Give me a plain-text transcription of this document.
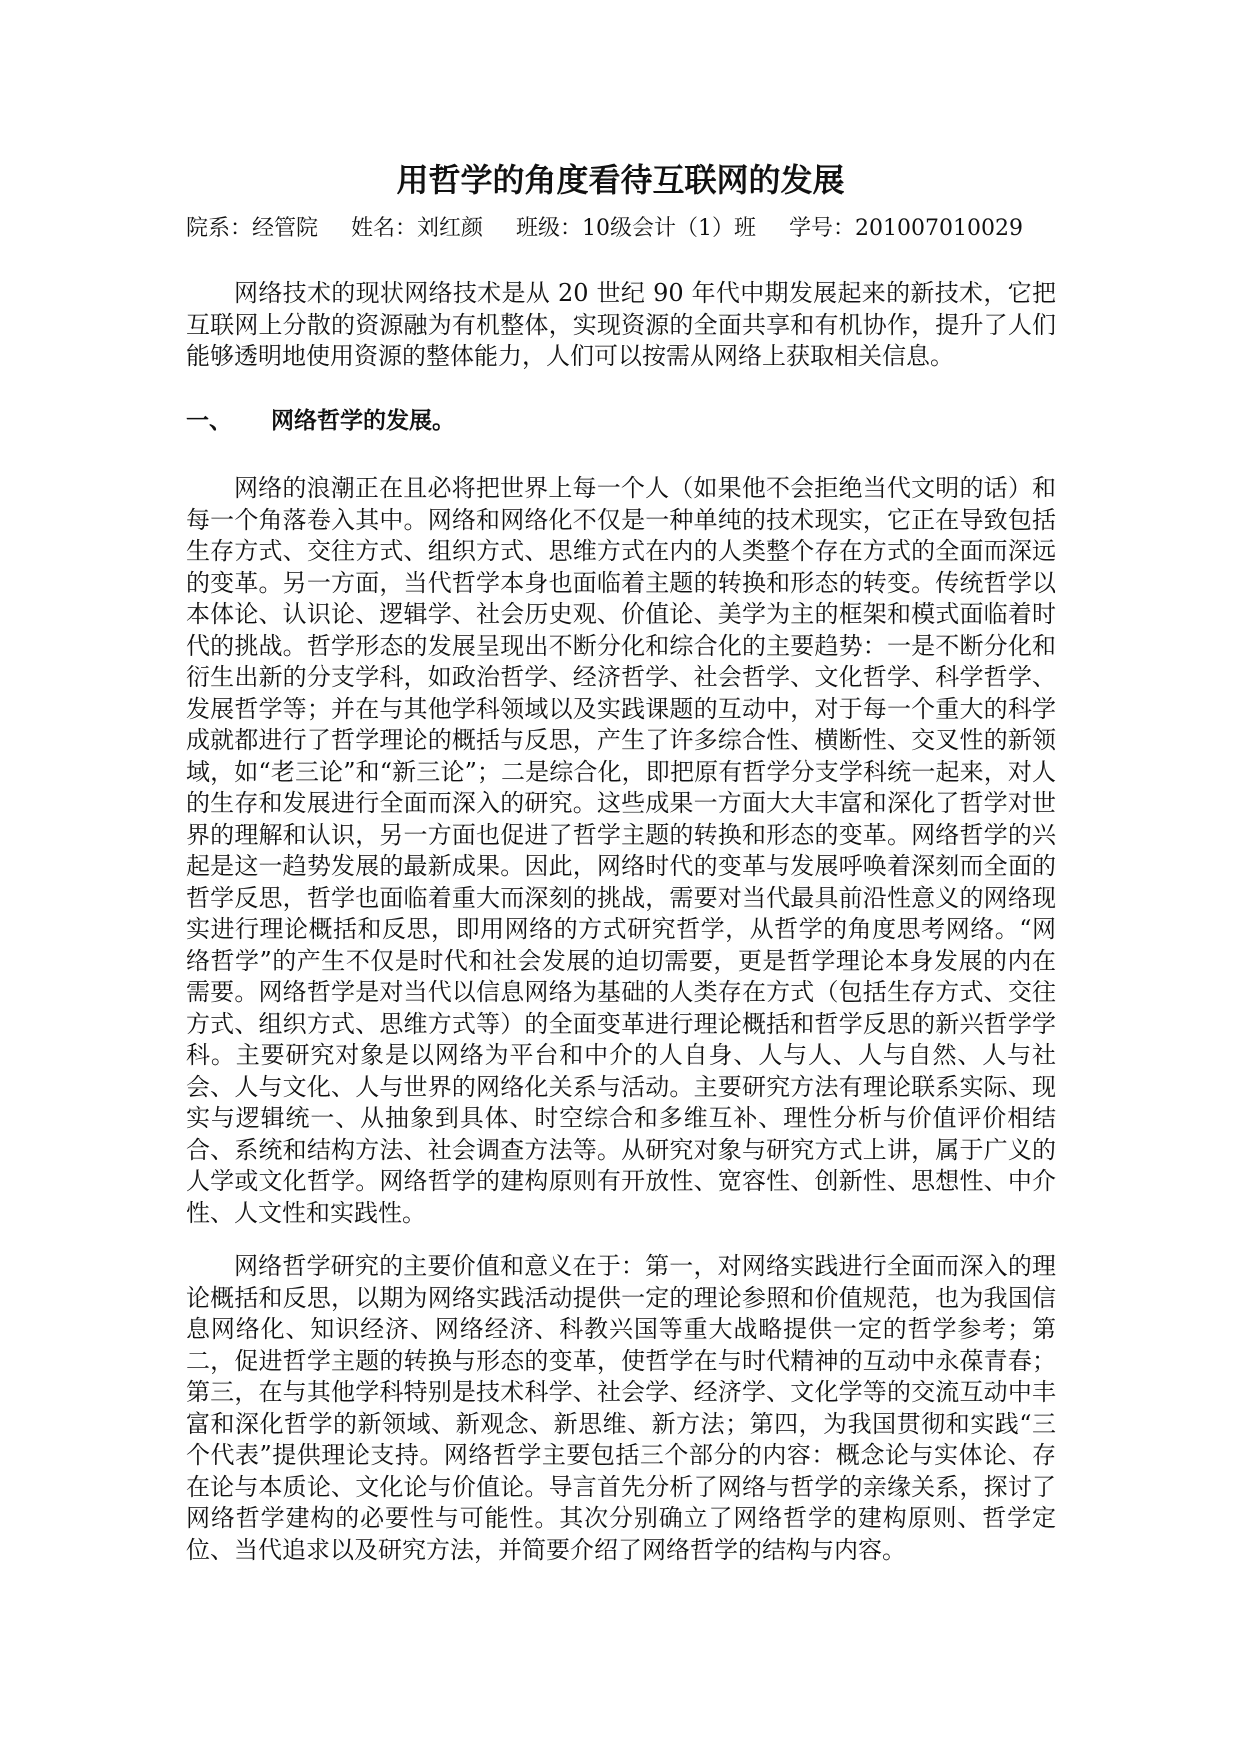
用哲学的角度看待互联网的发展
院系：经管院 姓名：刘红颜 班级：10级会计（1）班 学号：201007010029
网络技术的现状网络技术是从 20 世纪 90 年代中期发展起来的新技术，它把互联网上分散的资源融为有机整体，实现资源的全面共享和有机协作，提升了人们能够透明地使用资源的整体能力，人们可以按需从网络上获取相关信息。
一、 网络哲学的发展。
网络的浪潮正在且必将把世界上每一个人（如果他不会拒绝当代文明的话）和每一个角落卷入其中。网络和网络化不仅是一种单纯的技术现实，它正在导致包括生存方式、交往方式、组织方式、思维方式在内的人类整个存在方式的全面而深远的变革。另一方面，当代哲学本身也面临着主题的转换和形态的转变。传统哲学以本体论、认识论、逻辑学、社会历史观、价值论、美学为主的框架和模式面临着时代的挑战。哲学形态的发展呈现出不断分化和综合化的主要趋势：一是不断分化和衍生出新的分支学科，如政治哲学、经济哲学、社会哲学、文化哲学、科学哲学、发展哲学等；并在与其他学科领域以及实践课题的互动中，对于每一个重大的科学成就都进行了哲学理论的概括与反思，产生了许多综合性、横断性、交叉性的新领域，如“老三论”和“新三论”；二是综合化，即把原有哲学分支学科统一起来，对人的生存和发展进行全面而深入的研究。这些成果一方面大大丰富和深化了哲学对世界的理解和认识，另一方面也促进了哲学主题的转换和形态的变革。网络哲学的兴起是这一趋势发展的最新成果。因此，网络时代的变革与发展呼唤着深刻而全面的哲学反思，哲学也面临着重大而深刻的挑战，需要对当代最具前沿性意义的网络现实进行理论概括和反思，即用网络的方式研究哲学，从哲学的角度思考网络。“网络哲学”的产生不仅是时代和社会发展的迫切需要，更是哲学理论本身发展的内在需要。网络哲学是对当代以信息网络为基础的人类存在方式（包括生存方式、交往方式、组织方式、思维方式等）的全面变革进行理论概括和哲学反思的新兴哲学学科。主要研究对象是以网络为平台和中介的人自身、人与人、人与自然、人与社会、人与文化、人与世界的网络化关系与活动。主要研究方法有理论联系实际、现实与逻辑统一、从抽象到具体、时空综合和多维互补、理性分析与价值评价相结合、系统和结构方法、社会调查方法等。从研究对象与研究方式上讲，属于广义的人学或文化哲学。网络哲学的建构原则有开放性、宽容性、创新性、思想性、中介性、人文性和实践性。
网络哲学研究的主要价值和意义在于：第一，对网络实践进行全面而深入的理论概括和反思，以期为网络实践活动提供一定的理论参照和价值规范，也为我国信息网络化、知识经济、网络经济、科教兴国等重大战略提供一定的哲学参考；第二，促进哲学主题的转换与形态的变革，使哲学在与时代精神的互动中永葆青春；第三，在与其他学科特别是技术科学、社会学、经济学、文化学等的交流互动中丰富和深化哲学的新领域、新观念、新思维、新方法；第四，为我国贯彻和实践“三个代表”提供理论支持。网络哲学主要包括三个部分的内容：概念论与实体论、存在论与本质论、文化论与价值论。导言首先分析了网络与哲学的亲缘关系，探讨了网络哲学建构的必要性与可能性。其次分别确立了网络哲学的建构原则、哲学定位、当代追求以及研究方法，并简要介绍了网络哲学的结构与内容。
